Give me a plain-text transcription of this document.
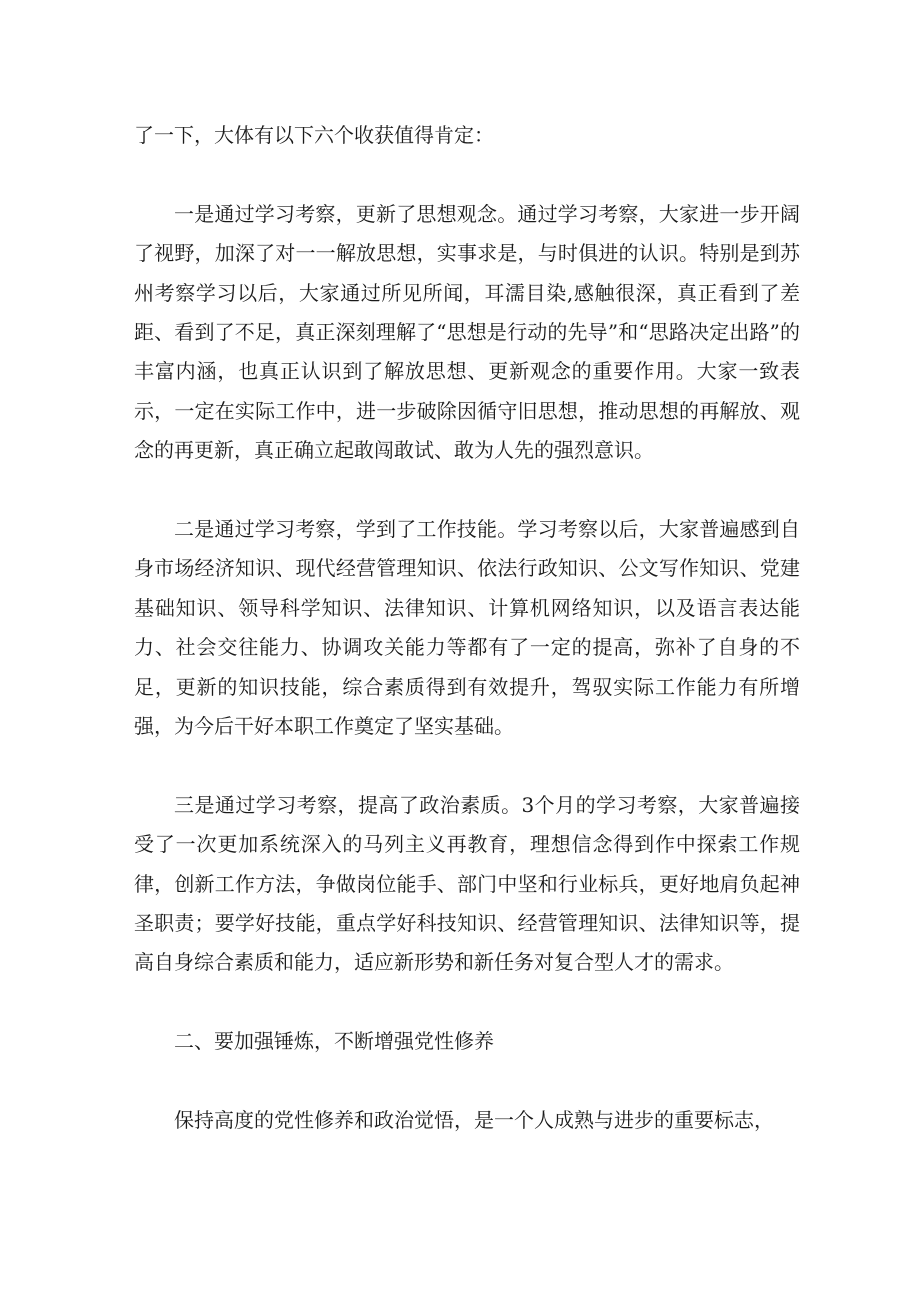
了一下，大体有以下六个收获值得肯定：

一是通过学习考察，更新了思想观念。通过学习考察，大家进一步开阔了视野，加深了对一一解放思想，实事求是，与时俱进的认识。特别是到苏州考察学习以后，大家通过所见所闻，耳濡目染,感触很深，真正看到了差距、看到了不足，真正深刻理解了“思想是行动的先导”和“思路决定出路”的丰富内涵，也真正认识到了解放思想、更新观念的重要作用。大家一致表示，一定在实际工作中，进一步破除因循守旧思想，推动思想的再解放、观念的再更新，真正确立起敢闯敢试、敢为人先的强烈意识。

二是通过学习考察，学到了工作技能。学习考察以后，大家普遍感到自身市场经济知识、现代经营管理知识、依法行政知识、公文写作知识、党建基础知识、领导科学知识、法律知识、计算机网络知识，以及语言表达能力、社会交往能力、协调攻关能力等都有了一定的提高，弥补了自身的不足，更新的知识技能，综合素质得到有效提升，驾驭实际工作能力有所增强，为今后干好本职工作奠定了坚实基础。

三是通过学习考察，提高了政治素质。3个月的学习考察，大家普遍接受了一次更加系统深入的马列主义再教育，理想信念得到作中探索工作规律，创新工作方法，争做岗位能手、部门中坚和行业标兵，更好地肩负起神圣职责；要学好技能，重点学好科技知识、经营管理知识、法律知识等，提高自身综合素质和能力，适应新形势和新任务对复合型人才的需求。

二、要加强锤炼，不断增强党性修养

保持高度的党性修养和政治觉悟，是一个人成熟与进步的重要标志，
